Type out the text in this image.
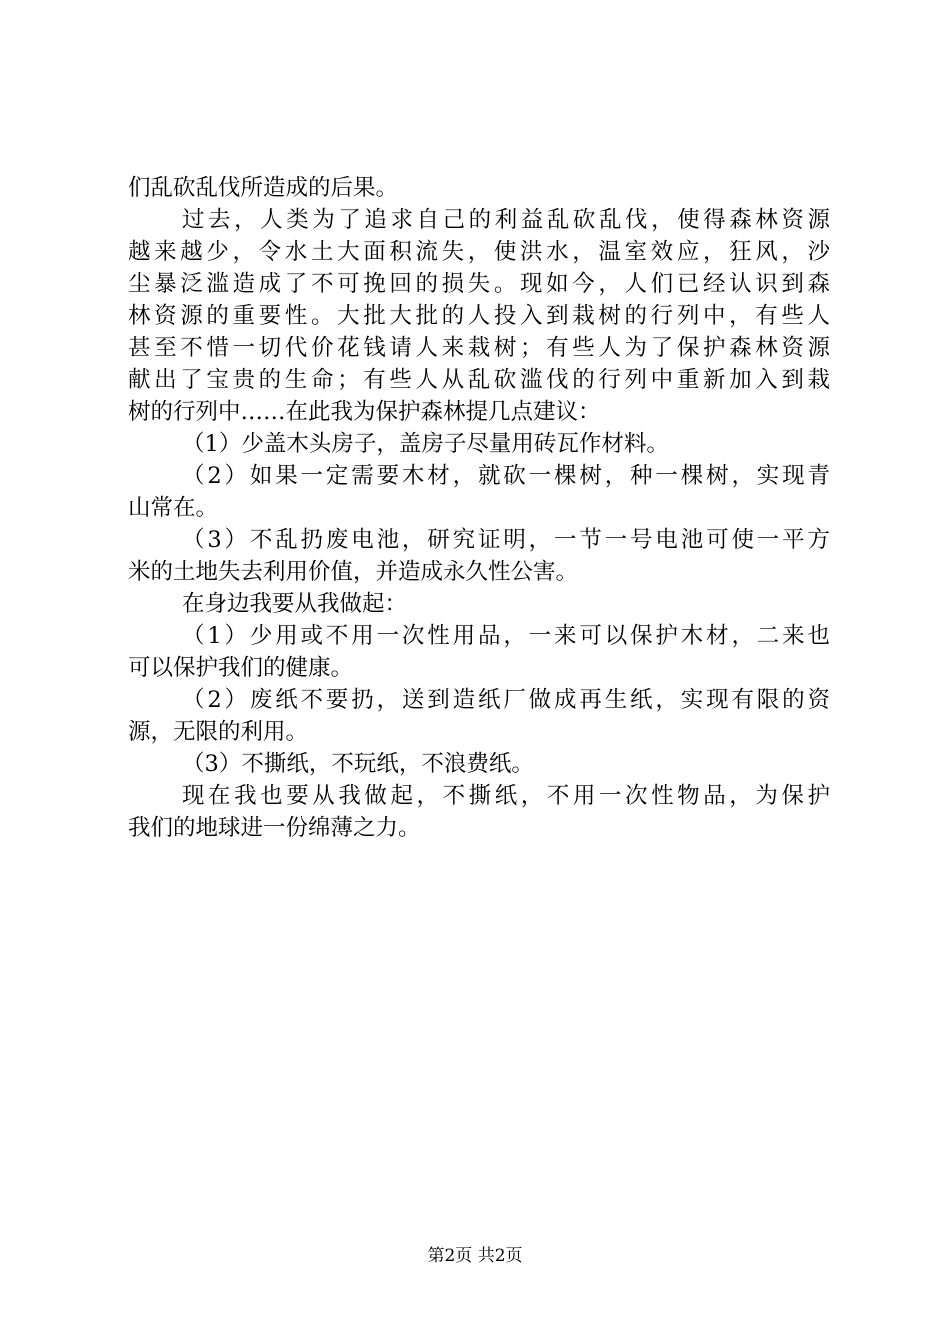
们乱砍乱伐所造成的后果。
过去，人类为了追求自己的利益乱砍乱伐，使得森林资源
越来越少，令水土大面积流失，使洪水，温室效应，狂风，沙
尘暴泛滥造成了不可挽回的损失。现如今，人们已经认识到森
林资源的重要性。大批大批的人投入到栽树的行列中，有些人
甚至不惜一切代价花钱请人来栽树；有些人为了保护森林资源
献出了宝贵的生命；有些人从乱砍滥伐的行列中重新加入到栽
树的行列中……在此我为保护森林提几点建议：
（1）少盖木头房子，盖房子尽量用砖瓦作材料。
（2）如果一定需要木材，就砍一棵树，种一棵树，实现青
山常在。
（3）不乱扔废电池，研究证明，一节一号电池可使一平方
米的土地失去利用价值，并造成永久性公害。
在身边我要从我做起：
（1）少用或不用一次性用品，一来可以保护木材，二来也
可以保护我们的健康。
（2）废纸不要扔，送到造纸厂做成再生纸，实现有限的资
源，无限的利用。
（3）不撕纸，不玩纸，不浪费纸。
现在我也要从我做起，不撕纸，不用一次性物品，为保护
我们的地球进一份绵薄之力。
第2页 共2页
